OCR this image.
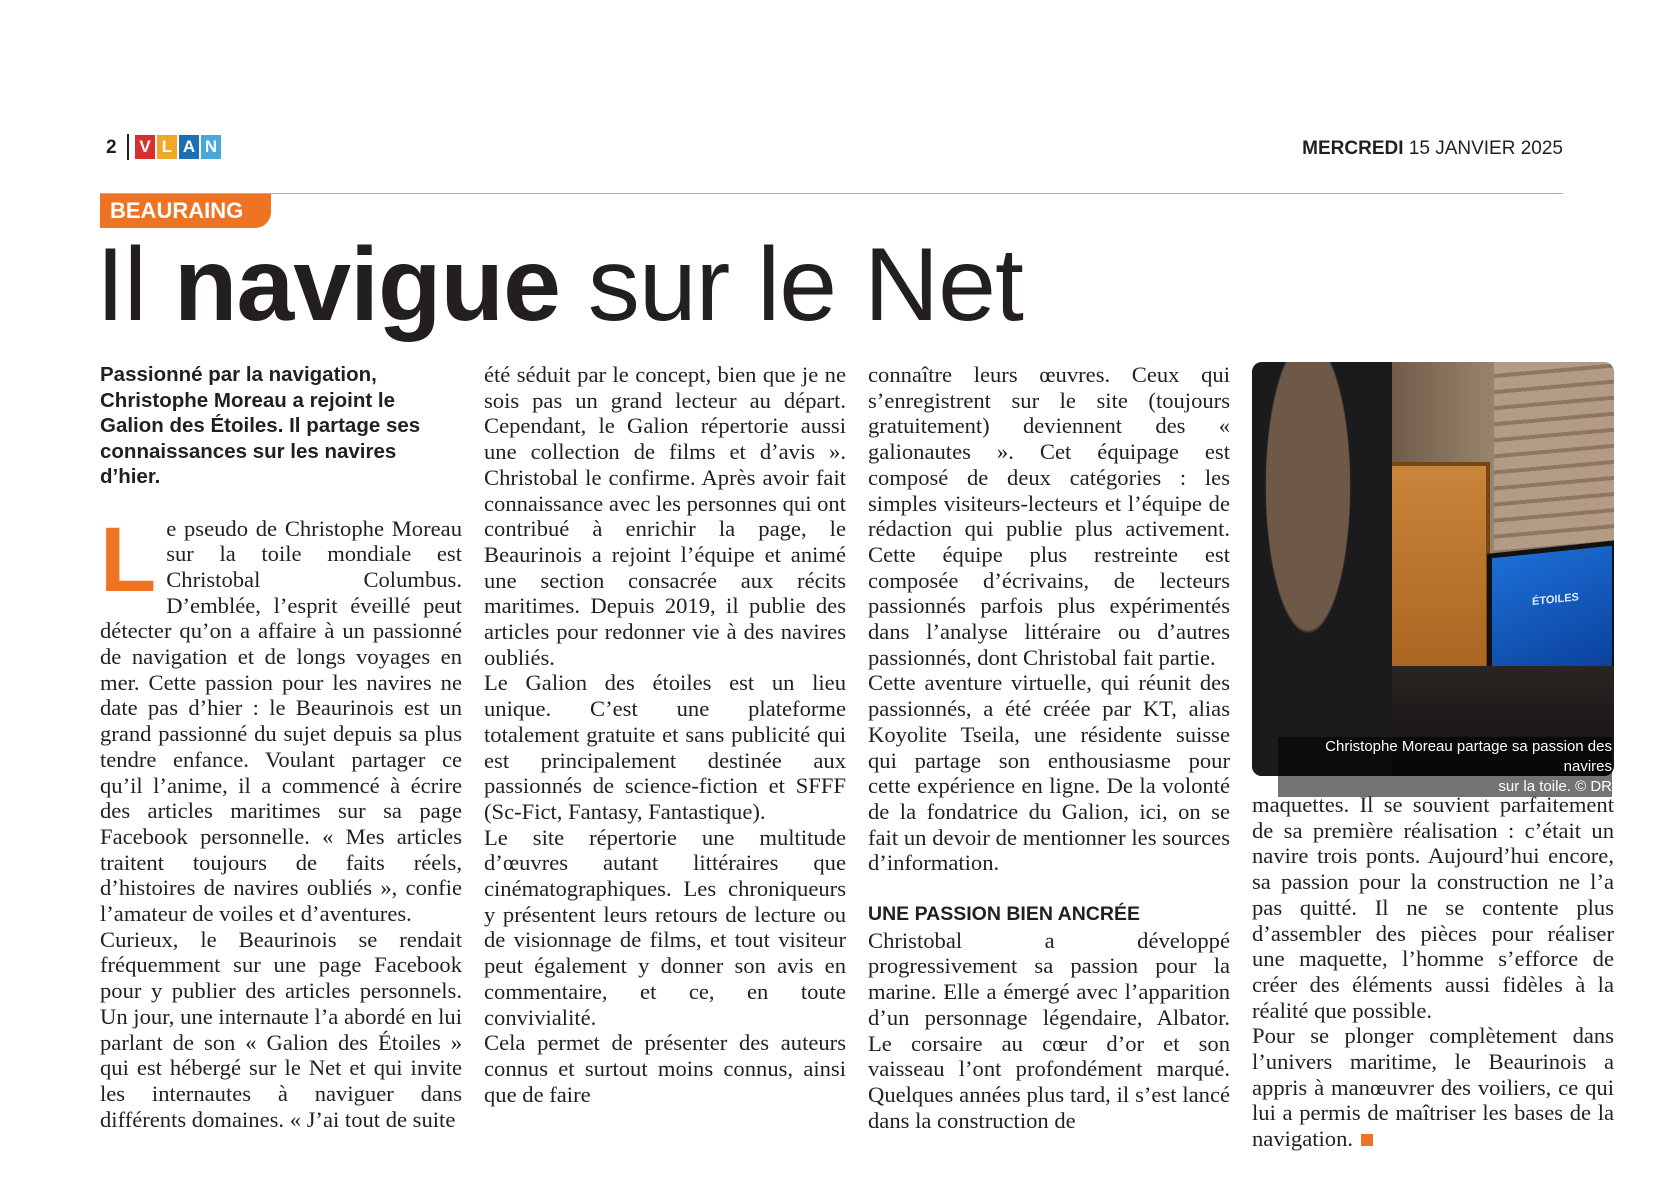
2 V L A N	MERCREDI 15 JANVIER 2025
BEAURAING
Il navigue sur le Net

Passionné par la navigation, Christophe Moreau a rejoint le Galion des Étoiles. Il partage ses connaissances sur les navires d’hier.

Le pseudo de Christophe Moreau sur la toile mondiale est Christobal Columbus. D’emblée, l’esprit éveillé peut détecter qu’on a affaire à un passionné de navigation et de longs voyages en mer. Cette passion pour les navires ne date pas d’hier : le Beaurinois est un grand passionné du sujet depuis sa plus tendre enfance. Voulant partager ce qu’il l’anime, il a commencé à écrire des articles maritimes sur sa page Facebook personnelle. « Mes articles traitent toujours de faits réels, d’histoires de navires oubliés », confie l’amateur de voiles et d’aventures.

Curieux, le Beaurinois se rendait fréquemment sur une page Facebook pour y publier des articles personnels. Un jour, une internaute l’a abordé en lui parlant de son « Galion des Étoiles » qui est hébergé sur le Net et qui invite les internautes à naviguer dans différents domaines. « J’ai tout de suite

été séduit par le concept, bien que je ne sois pas un grand lecteur au départ. Cependant, le Galion répertorie aussi une collection de films et d’avis ». Christobal le confirme. Après avoir fait connaissance avec les personnes qui ont contribué à enrichir la page, le Beaurinois a rejoint l’équipe et animé une section consacrée aux récits maritimes. Depuis 2019, il publie des articles pour redonner vie à des navires oubliés.

Le Galion des étoiles est un lieu unique. C’est une plateforme totalement gratuite et sans publicité qui est principalement destinée aux passionnés de science-fiction et SFFF (Sc-Fict, Fantasy, Fantastique).

Le site répertorie une multitude d’œuvres autant littéraires que cinématographiques. Les chroniqueurs y présentent leurs retours de lecture ou de visionnage de films, et tout visiteur peut également y donner son avis en commentaire, et ce, en toute convivialité.

Cela permet de présenter des auteurs connus et surtout moins connus, ainsi que de faire

connaître leurs œuvres. Ceux qui s’enregistrent sur le site (toujours gratuitement) deviennent des « galionautes ». Cet équipage est composé de deux catégories : les simples visiteurs-lecteurs et l’équipe de rédaction qui publie plus activement. Cette équipe plus restreinte est composée d’écrivains, de lecteurs passionnés parfois plus expérimentés dans l’analyse littéraire ou d’autres passionnés, dont Christobal fait partie.

Cette aventure virtuelle, qui réunit des passionnés, a été créée par KT, alias Koyolite Tseila, une résidente suisse qui partage son enthousiasme pour cette expérience en ligne. De la volonté de la fondatrice du Galion, ici, on se fait un devoir de mentionner les sources d’information.

UNE PASSION BIEN ANCRÉE

Christobal a développé progressivement sa passion pour la marine. Elle a émergé avec l’apparition d’un personnage légendaire, Albator. Le corsaire au cœur d’or et son vaisseau l’ont profondément marqué. Quelques années plus tard, il s’est lancé dans la construction de

ÉTOILES
Christophe Moreau partage sa passion des navires
sur la toile. © DR

maquettes. Il se souvient parfaitement de sa première réalisation : c’était un navire trois ponts. Aujourd’hui encore, sa passion pour la construction ne l’a pas quitté. Il ne se contente plus d’assembler des pièces pour réaliser une maquette, l’homme s’efforce de créer des éléments aussi fidèles à la réalité que possible.

Pour se plonger complètement dans l’univers maritime, le Beaurinois a appris à manœuvrer des voiliers, ce qui lui a permis de maîtriser les bases de la navigation.
